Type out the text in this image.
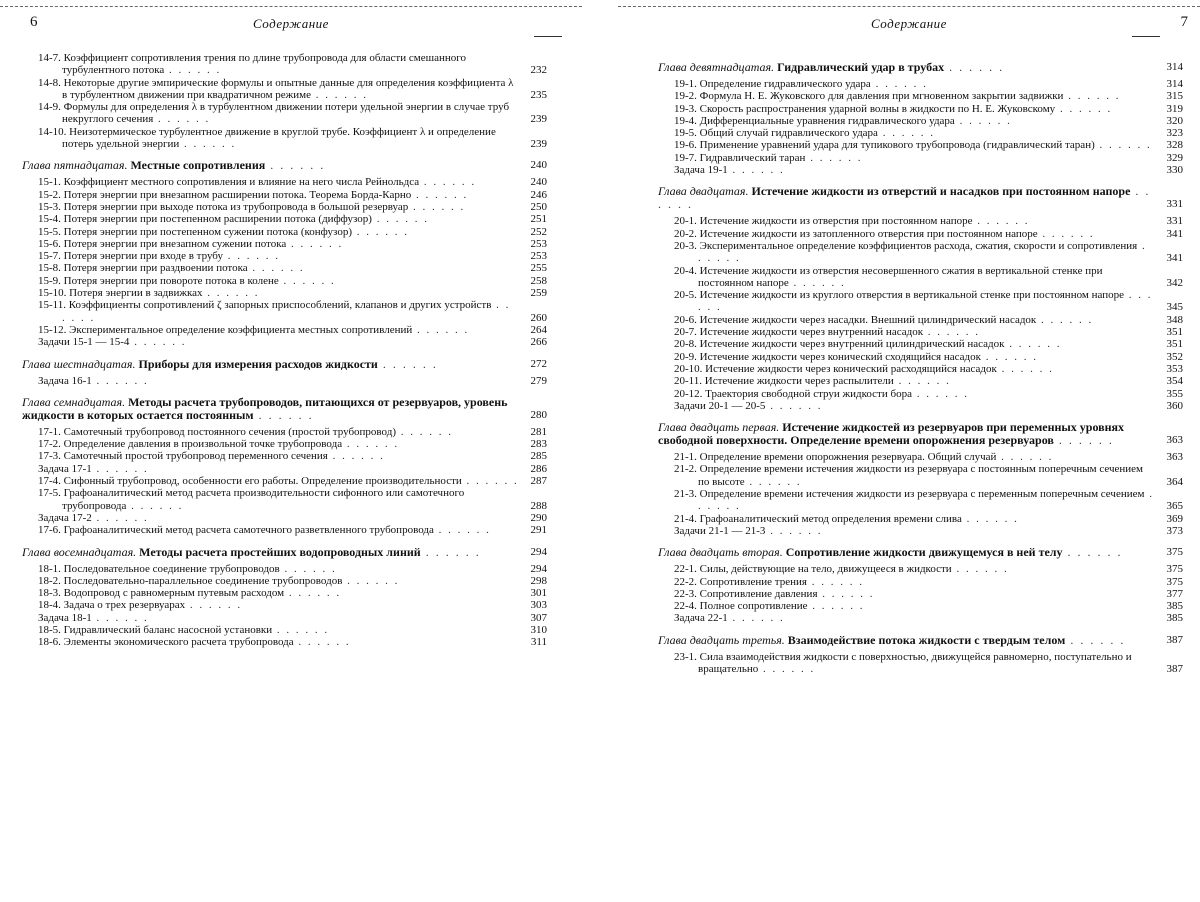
6	Содержание
14-7. Коэффициент сопротивления трения по длине трубопровода для области смешанного турбулентного потока . . . . . .	232
14-8. Некоторые другие эмпирические формулы и опытные данные для определения коэффициента λ в турбулентном движении при квадратичном режиме . . . . . .	235
14-9. Формулы для определения λ в турбулентном движении потери удельной энергии в случае труб некруглого сечения . . . . . .	239
14-10. Неизотермическое турбулентное движение в круглой трубе. Коэффициент λ и определение потерь удельной энергии . . . . . .	239
Глава пятнадцатая. Местные сопротивления . . . . . .	240
15-1. Коэффициент местного сопротивления и влияние на него числа Рейнольдса . . . . . .	240
15-2. Потеря энергии при внезапном расширении потока. Теорема Борда-Карно . . . . . .	246
15-3. Потеря энергии при выходе потока из трубопровода в большой резервуар . . . . . .	250
15-4. Потеря энергии при постепенном расширении потока (диффузор) . . . . . .	251
15-5. Потеря энергии при постепенном сужении потока (конфузор) . . . . . .	252
15-6. Потеря энергии при внезапном сужении потока . . . . . .	253
15-7. Потеря энергии при входе в трубу . . . . . .	253
15-8. Потеря энергии при раздвоении потока . . . . . .	255
15-9. Потеря энергии при повороте потока в колене . . . . . .	258
15-10. Потеря энергии в задвижках . . . . . .	259
15-11. Коэффициенты сопротивлений ζ запорных приспособлений, клапанов и других устройств . . . . . .	260
15-12. Экспериментальное определение коэффициента местных сопротивлений . . . . . .	264
Задачи 15-1 — 15-4 . . . . . .	266
Глава шестнадцатая. Приборы для измерения расходов жидкости . . . . . .	272
Задача 16-1 . . . . . .	279
Глава семнадцатая. Методы расчета трубопроводов, питающихся от резервуаров, уровень жидкости в которых остается постоянным . . . . . .	280
17-1. Самотечный трубопровод постоянного сечения (простой трубопровод) . . . . . .	281
17-2. Определение давления в произвольной точке трубопровода . . . . . .	283
17-3. Самотечный простой трубопровод переменного сечения . . . . . .	285
Задача 17-1 . . . . . .	286
17-4. Сифонный трубопровод, особенности его работы. Определение производительности . . . . . . 287
17-5. Графоаналитический метод расчета производительности сифонного или самотечного трубопровода . . . . . .	288
Задача 17-2 . . . . . .	290
17-6. Графоаналитический метод расчета самотечного разветвленного трубопровода . . . . . .	291
Глава восемнадцатая. Методы расчета простейших водопроводных линий . . . . . .	294
18-1. Последовательное соединение трубопроводов . . . . . .	294
18-2. Последовательно-параллельное соединение трубопроводов . . . . . .	298
18-3. Водопровод с равномерным путевым расходом . . . . . .	301
18-4. Задача о трех резервуарах . . . . . .	303
Задача 18-1 . . . . . .	307
18-5. Гидравлический баланс насосной установки . . . . . .	310
18-6. Элементы экономического расчета трубопровода . . . . . .	311
7
Содержание
Глава девятнадцатая. Гидравлический удар в трубах . . . . . .	314
19-1. Определение гидравлического удара . . . . . .	314
19-2. Формула Н. Е. Жуковского для давления при мгновенном закрытии задвижки . . . . . .	315
19-3. Скорость распространения ударной волны в жидкости по Н. Е. Жуковскому . . . . . .	319
19-4. Дифференциальные уравнения гидравлического удара . . . . . .	320
19-5. Общий случай гидравлического удара . . . . . .	323
19-6. Применение уравнений удара для тупикового трубопровода (гидравлический таран) . . . . . . 328
19-7. Гидравлический таран . . . . . .	329
Задача 19-1 . . . . . .	330
Глава двадцатая. Истечение жидкости из отверстий и насадков при постоянном напоре . . . . . .	331
20-1. Истечение жидкости из отверстия при постоянном напоре . . . . . .	331
20-2. Истечение жидкости из затопленного отверстия при постоянном напоре . . . . . .	341
20-3. Экспериментальное определение коэффициентов расхода, сжатия, скорости и сопротивления . . . . . .	341
20-4. Истечение жидкости из отверстия несовершенного сжатия в вертикальной стенке при постоянном напоре . . . . . .	342
20-5. Истечение жидкости из круглого отверстия в вертикальной стенке при постоянном напоре . . . . . .	345
20-6. Истечение жидкости через насадки. Внешний цилиндрический насадок . . . . . .	348
20-7. Истечение жидкости через внутренний насадок . . . . . .	351
20-8. Истечение жидкости через внутренний цилиндрический насадок . . . . . .	351
20-9. Истечение жидкости через конический сходящийся насадок . . . . . .	352
20-10. Истечение жидкости через конический расходящийся насадок . . . . . .	353
20-11. Истечение жидкости через распылители . . . . . .	354
20-12. Траектория свободной струи жидкости бора . . . . . .	355
Задачи 20-1 — 20-5 . . . . . .	360
Глава двадцать первая. Истечение жидкостей из резервуаров при переменных уровнях свободной поверхности. Определение времени опорожнения резервуаров . . . . . .	363
21-1. Определение времени опорожнения резервуара. Общий случай . . . . . .	363
21-2. Определение времени истечения жидкости из резервуара с постоянным поперечным сечением по высоте . . . . . .	364
21-3. Определение времени истечения жидкости из резервуара с переменным поперечным сечением . . . . . .	365
21-4. Графоаналитический метод определения времени слива . . . . . .	369
Задачи 21-1 — 21-3 . . . . . .	373
Глава двадцать вторая. Сопротивление жидкости движущемуся в ней телу . . . . . .	375
22-1. Силы, действующие на тело, движущееся в жидкости . . . . . .	375
22-2. Сопротивление трения . . . . . .	375
22-3. Сопротивление давления . . . . . .	377
22-4. Полное сопротивление . . . . . .	385
Задача 22-1 . . . . . .	385
Глава двадцать третья. Взаимодействие потока жидкости с твердым телом . . . . . .	387
23-1. Сила взаимодействия жидкости с поверхностью, движущейся равномерно, поступательно и вращательно . . . . . .	387
